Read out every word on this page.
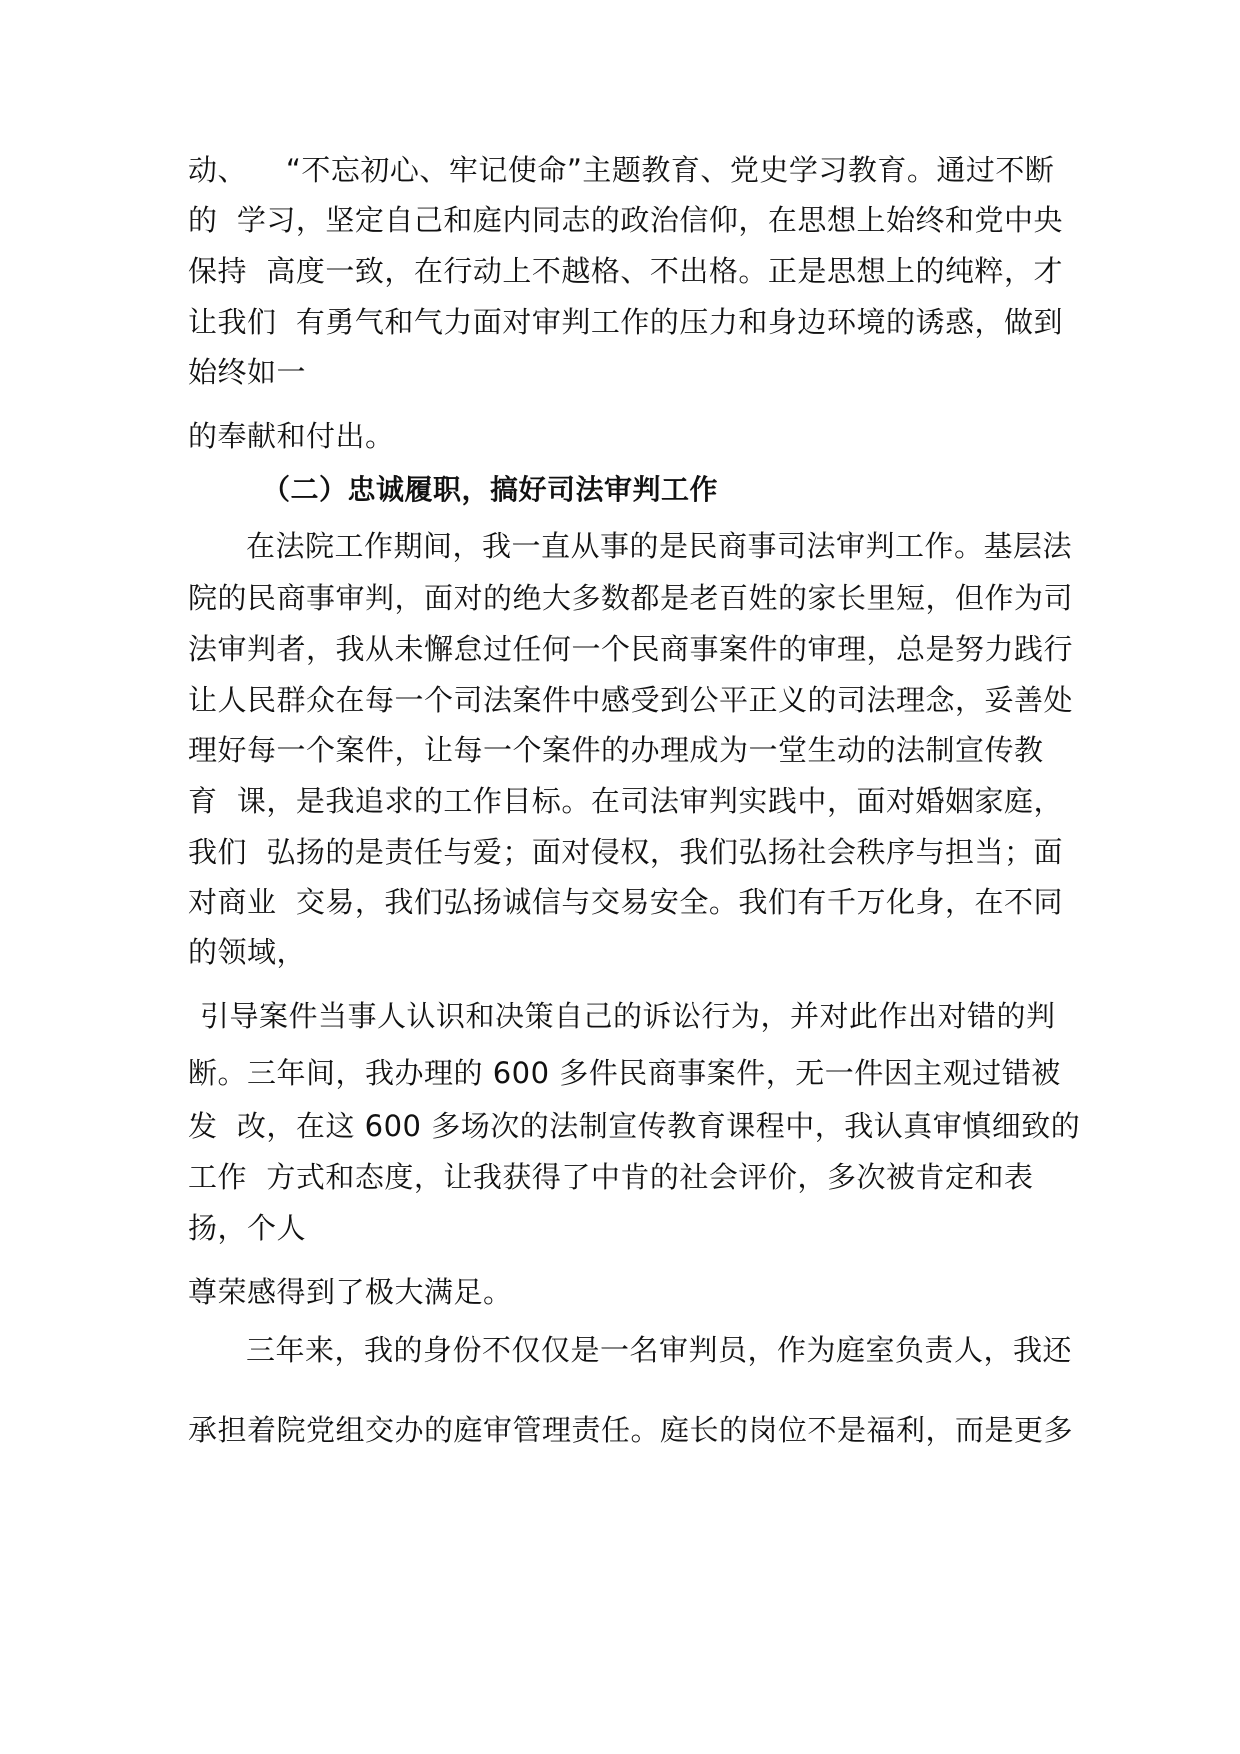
动、    “不忘初心、牢记使命”主题教育、党史学习教育。通过不断
的  学习，坚定自己和庭内同志的政治信仰，在思想上始终和党中央
保持  高度一致，在行动上不越格、不出格。正是思想上的纯粹，才
让我们  有勇气和气力面对审判工作的压力和身边环境的诱惑，做到
始终如一
的奉献和付出。
（二）忠诚履职，搞好司法审判工作
在法院工作期间，我一直从事的是民商事司法审判工作。基层法
院的民商事审判，面对的绝大多数都是老百姓的家长里短，但作为司
法审判者，我从未懈怠过任何一个民商事案件的审理，总是努力践行
让人民群众在每一个司法案件中感受到公平正义的司法理念，妥善处
理好每一个案件，让每一个案件的办理成为一堂生动的法制宣传教
育  课，是我追求的工作目标。在司法审判实践中，面对婚姻家庭，
我们  弘扬的是责任与爱；面对侵权，我们弘扬社会秩序与担当；面
对商业  交易，我们弘扬诚信与交易安全。我们有千万化身，在不同
的领域，
引导案件当事人认识和决策自己的诉讼行为，并对此作出对错的判
断。三年间，我办理的 600 多件民商事案件，无一件因主观过错被
发  改，在这 600 多场次的法制宣传教育课程中，我认真审慎细致的
工作  方式和态度，让我获得了中肯的社会评价，多次被肯定和表
扬，个人
尊荣感得到了极大满足。
三年来，我的身份不仅仅是一名审判员，作为庭室负责人，我还
承担着院党组交办的庭审管理责任。庭长的岗位不是福利，而是更多
